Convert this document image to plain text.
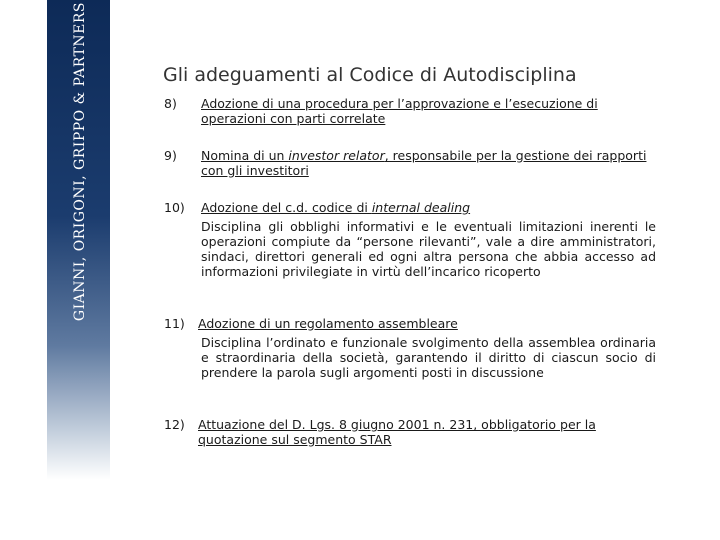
GIANNI, ORIGONI, GRIPPO & PARTNERS	Gli adeguamenti al Codice di Autodisciplina
8) Adozione di una procedura per l’approvazione e l’esecuzione di operazioni con parti correlate
9) Nomina di un investor relator, responsabile per la gestione dei rapporti con gli investitori
10) Adozione del c.d. codice di internal dealing
Disciplina gli obblighi informativi e le eventuali limitazioni inerenti le operazioni compiute da “persone rilevanti”, vale a dire amministratori, sindaci, direttori generali ed ogni altra persona che abbia accesso ad informazioni privilegiate in virtù dell’incarico ricoperto
11) Adozione di un regolamento assembleare
Disciplina l’ordinato e funzionale svolgimento della assemblea ordinaria e straordinaria della società, garantendo il diritto di ciascun socio di prendere la parola sugli argomenti posti in discussione
12) Attuazione del D. Lgs. 8 giugno 2001 n. 231, obbligatorio per la quotazione sul segmento STAR
